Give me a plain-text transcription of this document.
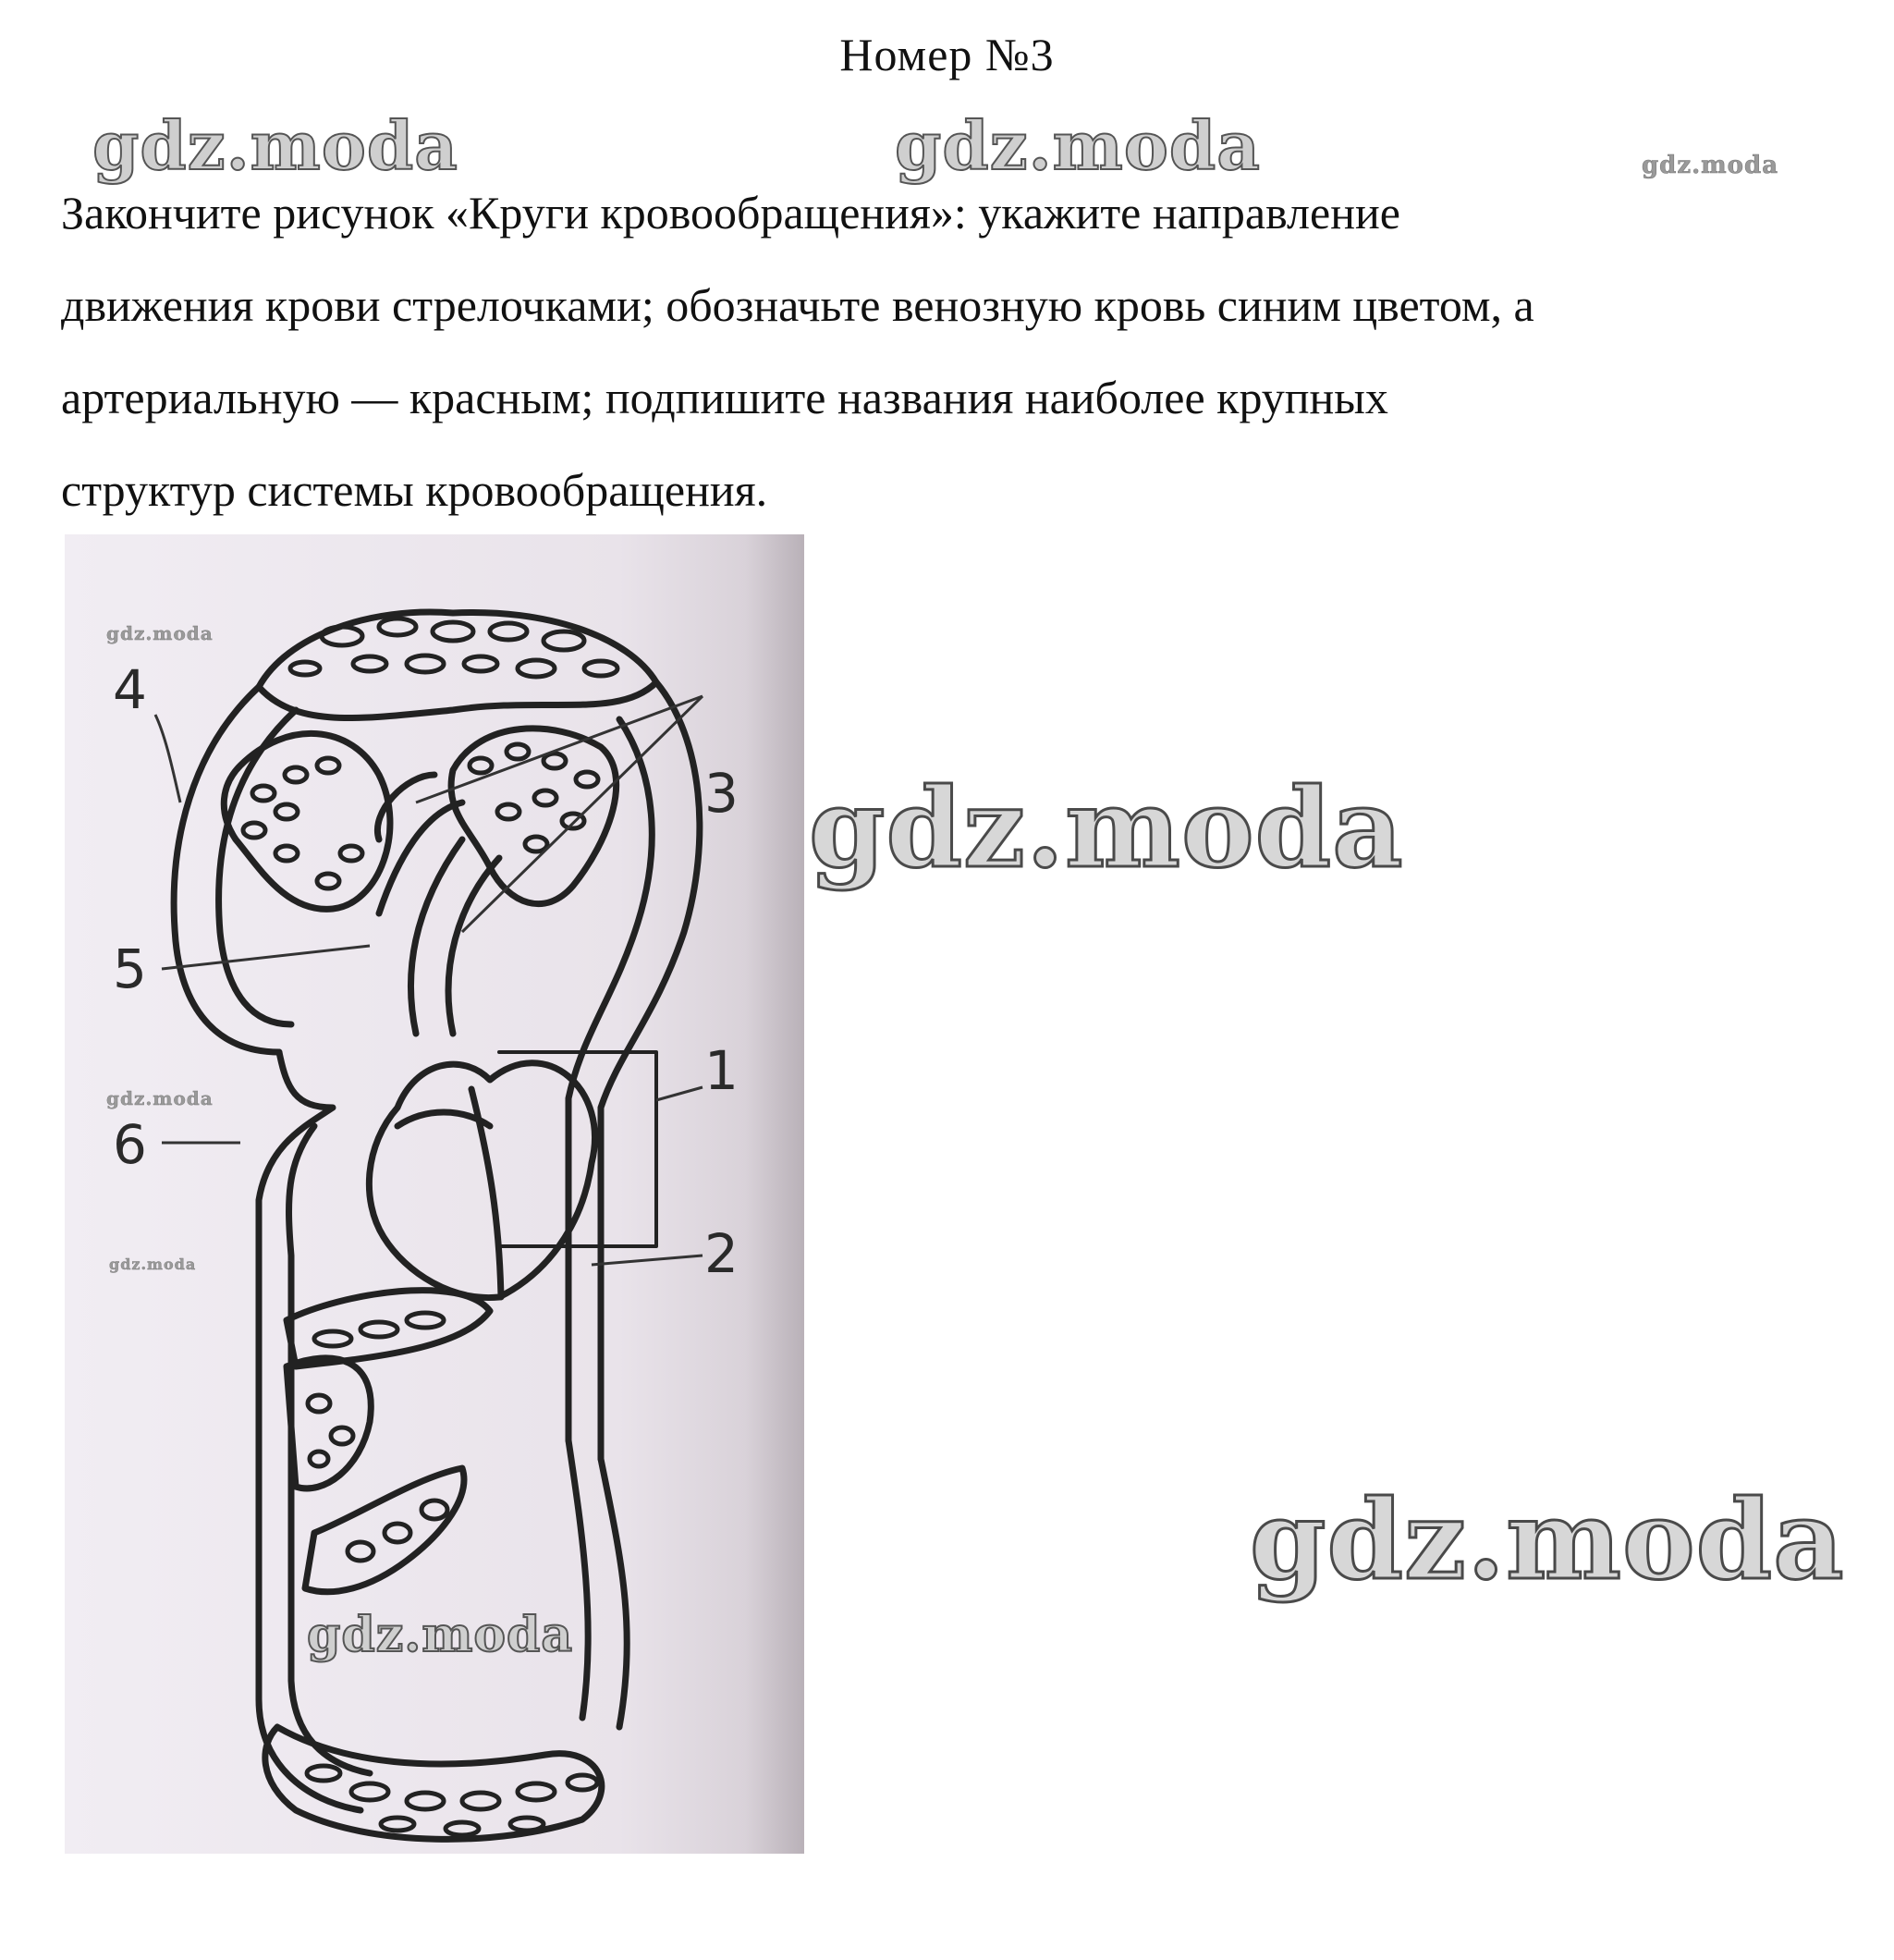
Номер №3
gdz.moda	gdz.moda	gdz.moda

Закончите рисунок «Круги кровообращения»: укажите направление
движения крови стрелочками; обозначьте венозную кровь синим цветом, а
артериальную — красным; подпишите названия наиболее крупных
структур системы кровообращения.

4
3
5
1
6
2
gdz.moda
gdz.moda
gdz.moda
gdz.moda
gdz.moda
gdz.moda
